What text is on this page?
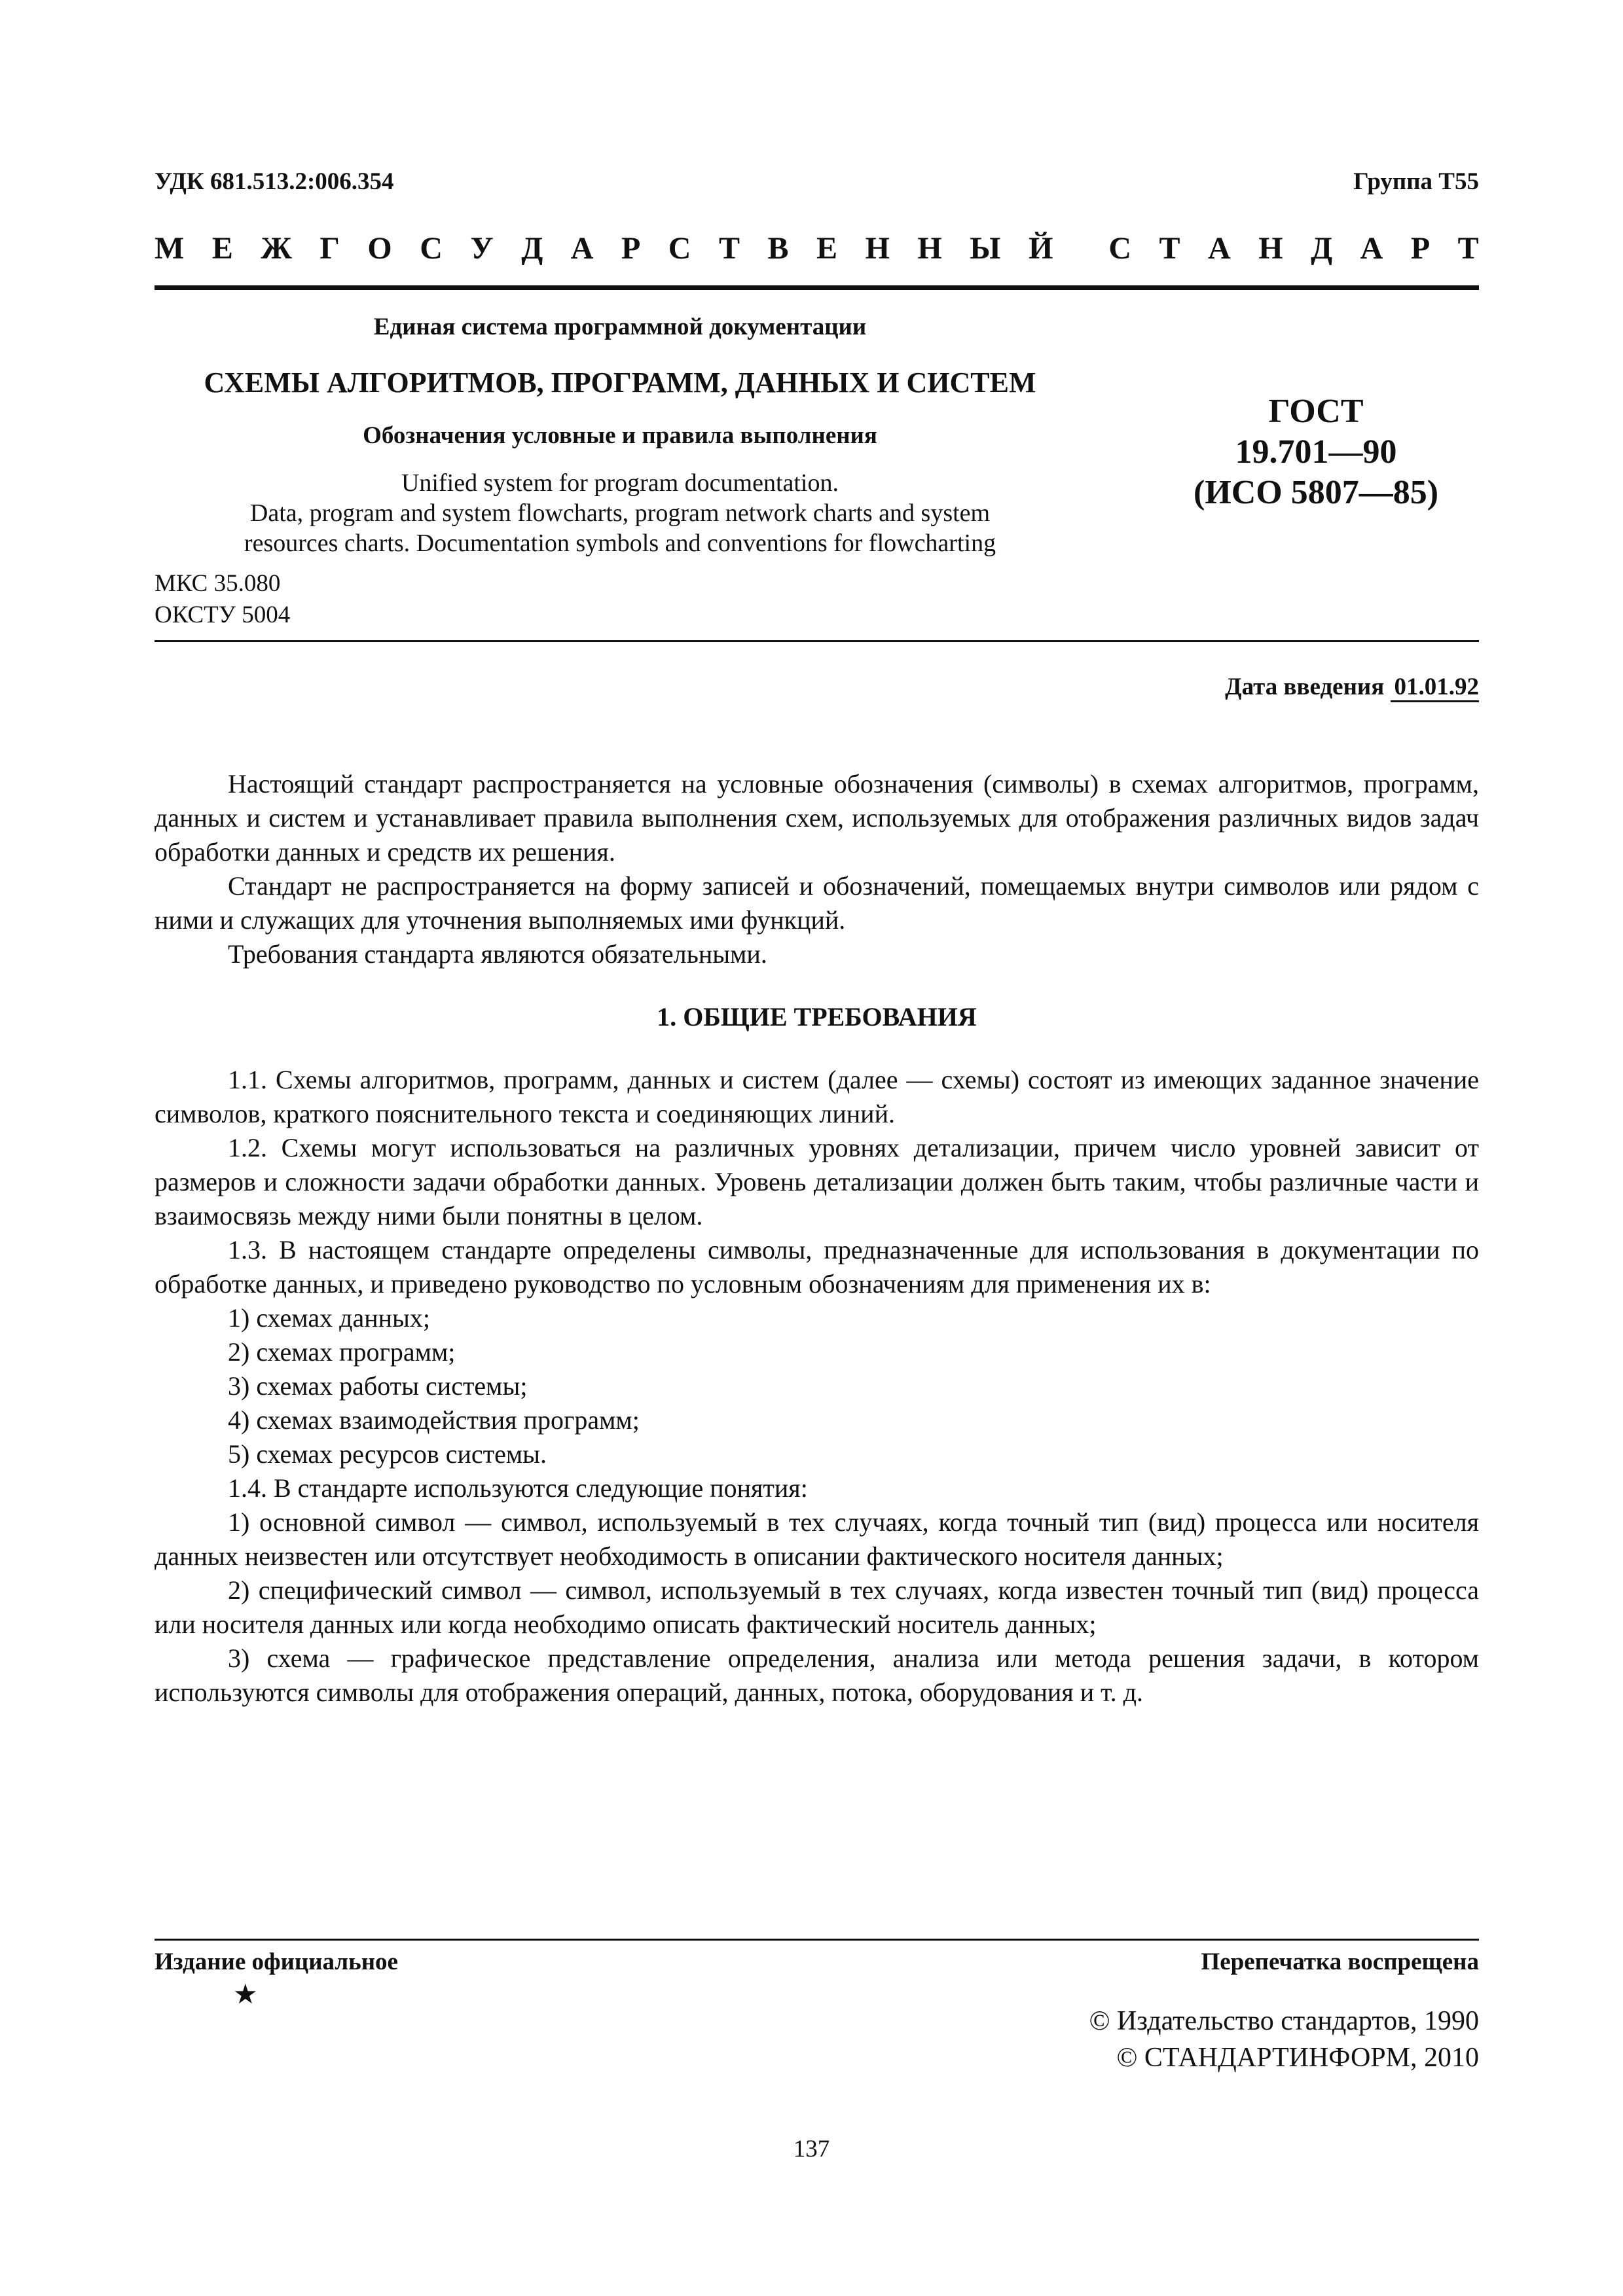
УДК 681.513.2:006.354	Группа Т55
М Е Ж Г О С У Д А Р С Т В Е Н Н Ы Й С Т А Н Д А Р Т
Единая система программной документации
СХЕМЫ АЛГОРИТМОВ, ПРОГРАММ, ДАННЫХ И СИСТЕМ
Обозначения условные и правила выполнения
Unified system for program documentation.
Data, program and system flowcharts, program network charts and system
resources charts. Documentation symbols and conventions for flowcharting
ГОСТ
19.701—90
(ИСО 5807—85)
МКС 35.080
ОКСТУ 5004
Дата введения 01.01.92

Настоящий стандарт распространяется на условные обозначения (символы) в схемах алгоритмов, программ, данных и систем и устанавливает правила выполнения схем, используемых для отображения различных видов задач обработки данных и средств их решения.

Стандарт не распространяется на форму записей и обозначений, помещаемых внутри символов или рядом с ними и служащих для уточнения выполняемых ими функций.

Требования стандарта являются обязательными.

1. ОБЩИЕ ТРЕБОВАНИЯ

1.1. Схемы алгоритмов, программ, данных и систем (далее — схемы) состоят из имеющих заданное значение символов, краткого пояснительного текста и соединяющих линий.

1.2. Схемы могут использоваться на различных уровнях детализации, причем число уровней зависит от размеров и сложности задачи обработки данных. Уровень детализации должен быть таким, чтобы различные части и взаимосвязь между ними были понятны в целом.

1.3. В настоящем стандарте определены символы, предназначенные для использования в документации по обработке данных, и приведено руководство по условным обозначениям для применения их в:

1) схемах данных;

2) схемах программ;

3) схемах работы системы;

4) схемах взаимодействия программ;

5) схемах ресурсов системы.

1.4. В стандарте используются следующие понятия:

1) основной символ — символ, используемый в тех случаях, когда точный тип (вид) процесса или носителя данных неизвестен или отсутствует необходимость в описании фактического носителя данных;

2) специфический символ — символ, используемый в тех случаях, когда известен точный тип (вид) процесса или носителя данных или когда необходимо описать фактический носитель данных;

3) схема — графическое представление определения, анализа или метода решения задачи, в котором используются символы для отображения операций, данных, потока, оборудования и т. д.

Издание официальное
★
Перепечатка воспрещена
© Издательство стандартов, 1990
© СТАНДАРТИНФОРМ, 2010
137
